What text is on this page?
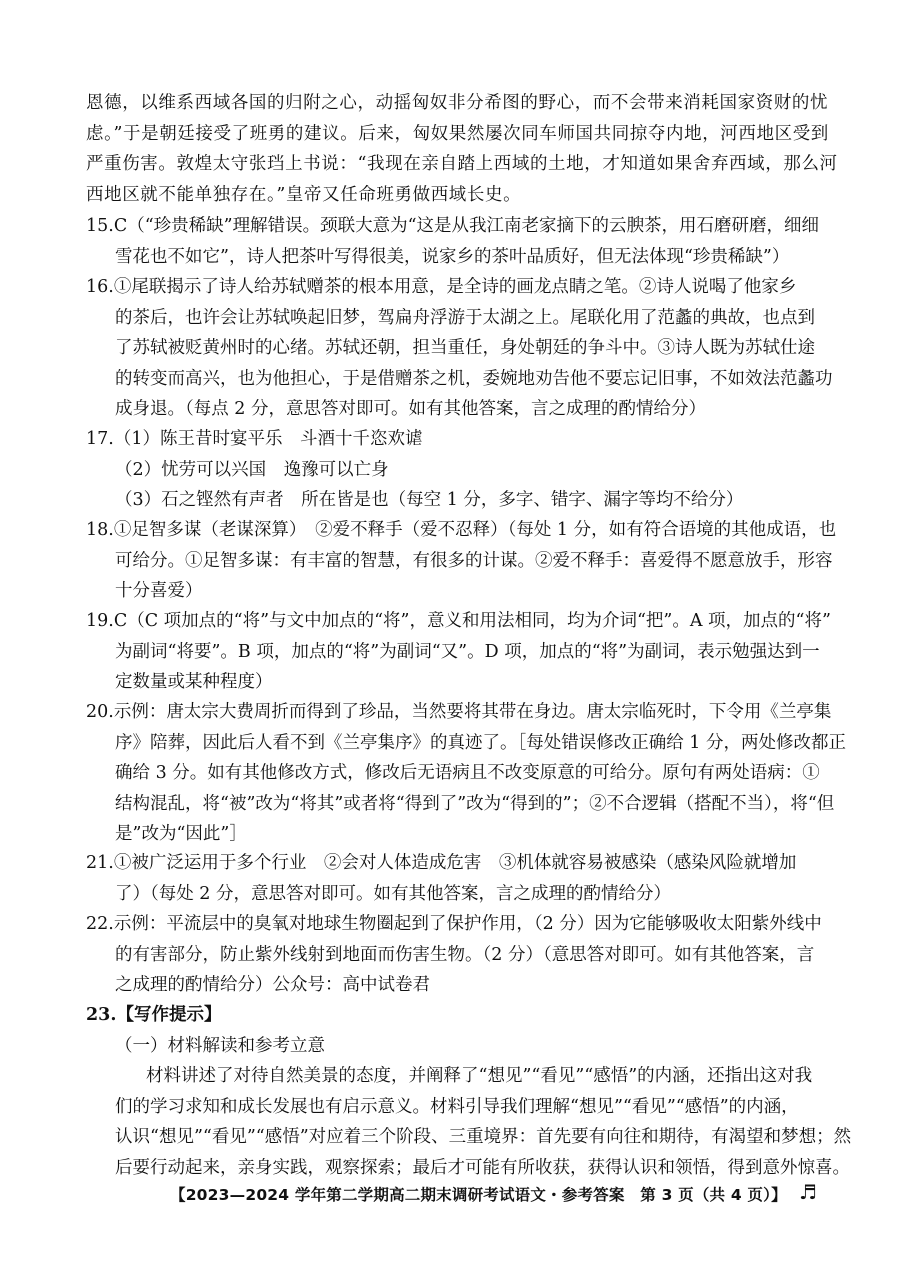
恩德，以维系西域各国的归附之心，动摇匈奴非分希图的野心，而不会带来消耗国家资财的忧
虑。”于是朝廷接受了班勇的建议。后来，匈奴果然屡次同车师国共同掠夺内地，河西地区受到
严重伤害。敦煌太守张珰上书说：“我现在亲自踏上西域的土地，才知道如果舍弃西域，那么河
西地区就不能单独存在。”皇帝又任命班勇做西域长史。
15.C（“珍贵稀缺”理解错误。颈联大意为“这是从我江南老家摘下的云腴茶，用石磨研磨，细细
雪花也不如它”，诗人把茶叶写得很美，说家乡的茶叶品质好，但无法体现“珍贵稀缺”）
16.①尾联揭示了诗人给苏轼赠茶的根本用意，是全诗的画龙点睛之笔。②诗人说喝了他家乡
的茶后，也许会让苏轼唤起旧梦，驾扁舟浮游于太湖之上。尾联化用了范蠡的典故，也点到
了苏轼被贬黄州时的心绪。苏轼还朝，担当重任，身处朝廷的争斗中。③诗人既为苏轼仕途
的转变而高兴，也为他担心，于是借赠茶之机，委婉地劝告他不要忘记旧事，不如效法范蠡功
成身退。（每点 2 分，意思答对即可。如有其他答案，言之成理的酌情给分）
17.（1）陈王昔时宴平乐　斗酒十千恣欢谑
（2）忧劳可以兴国　逸豫可以亡身
（3）石之铿然有声者　所在皆是也（每空 1 分，多字、错字、漏字等均不给分）
18.①足智多谋（老谋深算）　②爱不释手（爱不忍释）（每处 1 分，如有符合语境的其他成语，也
可给分。①足智多谋：有丰富的智慧，有很多的计谋。②爱不释手：喜爱得不愿意放手，形容
十分喜爱）
19.C（C 项加点的“将”与文中加点的“将”，意义和用法相同，均为介词“把”。A 项，加点的“将”
为副词“将要”。B 项，加点的“将”为副词“又”。D 项，加点的“将”为副词，表示勉强达到一
定数量或某种程度）
20.示例：唐太宗大费周折而得到了珍品，当然要将其带在身边。唐太宗临死时，下令用《兰亭集
序》陪葬，因此后人看不到《兰亭集序》的真迹了。［每处错误修改正确给 1 分，两处修改都正
确给 3 分。如有其他修改方式，修改后无语病且不改变原意的可给分。原句有两处语病：①
结构混乱，将“被”改为“将其”或者将“得到了”改为“得到的”；②不合逻辑（搭配不当），将“但
是”改为“因此”］
21.①被广泛运用于多个行业　②会对人体造成危害　③机体就容易被感染（感染风险就增加
了）（每处 2 分，意思答对即可。如有其他答案，言之成理的酌情给分）
22.示例：平流层中的臭氧对地球生物圈起到了保护作用，（2 分）因为它能够吸收太阳紫外线中
的有害部分，防止紫外线射到地面而伤害生物。（2 分）（意思答对即可。如有其他答案，言
之成理的酌情给分）公众号：高中试卷君
23.【写作提示】
（一）材料解读和参考立意
材料讲述了对待自然美景的态度，并阐释了“想见”“看见”“感悟”的内涵，还指出这对我
们的学习求知和成长发展也有启示意义。材料引导我们理解“想见”“看见”“感悟”的内涵，
认识“想见”“看见”“感悟”对应着三个阶段、三重境界：首先要有向往和期待，有渴望和梦想；然
后要行动起来，亲身实践，观察探索；最后才可能有所收获，获得认识和领悟，得到意外惊喜。
【2023—2024 学年第二学期高二期末调研考试语文・参考答案　第 3 页（共 4 页）】 ♬
